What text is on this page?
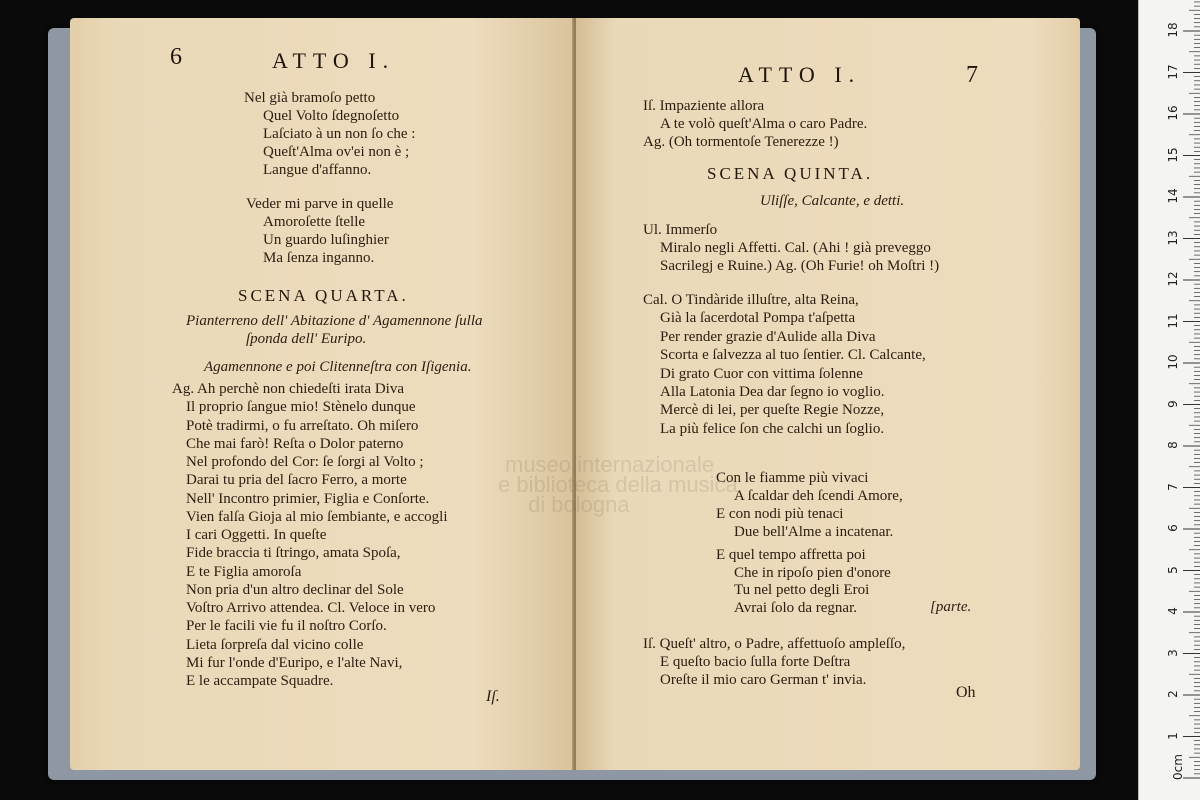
6	ATTO I.
Nel già bramoſo petto
Quel Volto ſdegnoſetto
Laſciato à un non ſo che :
Queſt'Alma ov'ei non è ;
Langue d'affanno.
Veder mi parve in quelle
Amoroſette ſtelle
Un guardo luſinghier
Ma ſenza inganno.
SCENA QUARTA.
Pianterreno dell' Abitazione d' Agamennone ſulla
ſponda dell' Euripo.
Agamennone e poi Clitenneſtra con Iſigenia.
Ag. Ah perchè non chiedeſti irata Diva
Il proprio ſangue mio! Stènelo dunque
Potè tradirmi, o fu arreſtato. Oh miſero
Che mai farò! Reſta o Dolor paterno
Nel profondo del Cor: ſe ſorgi al Volto ;
Darai tu pria del ſacro Ferro, a morte
Nell' Incontro primier, Figlia e Conſorte.
Vien falſa Gioja al mio ſembiante, e accogli
I cari Oggetti. In queſte
Fide braccia ti ſtringo, amata Spoſa,
E te Figlia amoroſa
Non pria d'un altro declinar del Sole
Voſtro Arrivo attendea. Cl. Veloce in vero
Per le facili vie fu il noſtro Corſo.
Lieta ſorpreſa dal vicino colle
Mi fur l'onde d'Euripo, e l'alte Navi,
E le accampate Squadre.
Iſ.
ATTO I.	7
Iſ. Impaziente allora
A te volò queſt'Alma o caro Padre.
Ag. (Oh tormentoſe Tenerezze !)
SCENA QUINTA.
Uliſſe, Calcante, e detti.
Ul. Immerſo
Miralo negli Affetti. Cal. (Ahi ! già preveggo
Sacrilegj e Ruine.) Ag. (Oh Furie! oh Moſtri !)
Cal. O Tindàride illuſtre, alta Reina,
Già la ſacerdotal Pompa t'aſpetta
Per render grazie d'Aulide alla Diva
Scorta e ſalvezza al tuo ſentier. Cl. Calcante,
Di grato Cuor con vittima ſolenne
Alla Latonia Dea dar ſegno io voglio.
Mercè di lei, per queſte Regie Nozze,
La più felice ſon che calchi un ſoglio.
Con le fiamme più vivaci
A ſcaldar deh ſcendi Amore,
E con nodi più tenaci
Due bell'Alme a incatenar.
E quel tempo affretta poi
Che in ripoſo pien d'onore
Tu nel petto degli Eroi
Avrai ſolo da regnar.	[parte.
Iſ. Queſt' altro, o Padre, affettuoſo ampleſſo,
E queſto bacio ſulla forte Deſtra
Oreſte il mio caro German t' invia.
Oh
museo internazionale
e biblioteca della musica
di bologna
0cm
1
2
3
4
5
6
7
8
9
10
11
12
13
14
15
16
17
18
